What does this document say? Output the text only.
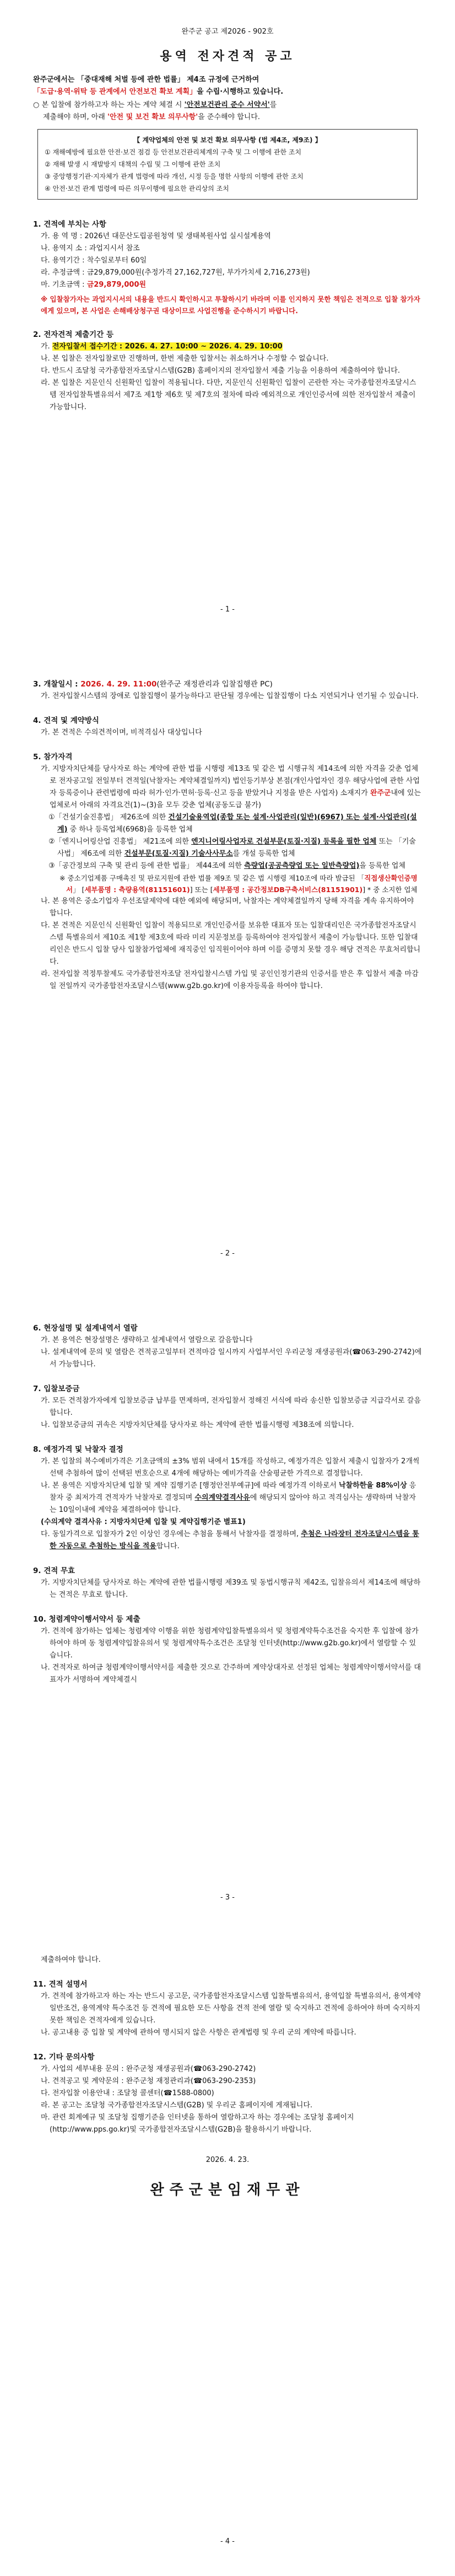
완주군 공고 제2026 - 902호
용역 전자견적 공고
완주군에서는 「중대재해 처벌 등에 관한 법률」 제4조 규정에 근거하여
「도급·용역·위탁 등 관계에서 안전보건 확보 계획」을 수립·시행하고 있습니다.
○ 본 입찰에 참가하고자 하는 자는 계약 체결 시 '안전보건관리 준수 서약서'를
제출해야 하며, 아래 '안전 및 보건 확보 의무사항'을 준수해야 합니다.
【 계약업체의 안전 및 보건 확보 의무사항 (법 제4조, 제9조) 】
① 재해예방에 필요한 안전·보건 점검 등 안전보건관리체계의 구축 및 그 이행에 관한 조치
② 재해 발생 시 재발방지 대책의 수립 및 그 이행에 관한 조치
③ 중앙행정기관·지자체가 관계 법령에 따라 개선, 시정 등을 명한 사항의 이행에 관한 조치
④ 안전·보건 관계 법령에 따른 의무이행에 필요한 관리상의 조치
1. 견적에 부치는 사항
가. 용 역 명 : 2026년 대문산도립공원청역 및 생태복원사업 실시설계용역
나. 용역지 소 : 과업지시서 참조
다. 용역기간 : 착수일로부터 60일
라. 추정금액 : 금29,879,000원(추정가격 27,162,727원, 부가가치세 2,716,273원)
마. 기초금액 : 금29,879,000원
※ 입찰참가자는 과업지시서의 내용을 반드시 확인하시고 투찰하시기 바라며 이를 인지하지 못한 책임은 전적으로 입찰 참가자에게 있으며, 본 사업은 손해배상청구권 대상이므로 사업진행을 준수하시기 바랍니다.
2. 전자견적 제출기간 등
가. 전자입찰서 접수기간 : 2026. 4. 27. 10:00 ~ 2026. 4. 29. 10:00
나. 본 입찰은 전자입찰로만 진행하며, 한번 제출한 입찰서는 취소하거나 수정할 수 없습니다.
다. 반드시 조달청 국가종합전자조달시스템(G2B) 홈페이지의 전자입찰서 제출 기능을 이용하여 제출하여야 합니다.
라. 본 입찰은 지문인식 신원확인 입찰이 적용됩니다. 다만, 지문인식 신원확인 입찰이 곤란한 자는 국가종합전자조달시스템 전자입찰특별유의서 제7조 제1항 제6호 및 제7호의 절차에 따라 예외적으로 개인인증서에 의한 전자입찰서 제출이 가능합니다.
- 1 -
3. 개찰일시 : 2026. 4. 29. 11:00(완주군 재정관리과 입찰집행관 PC)
가. 전자입찰시스템의 장애로 입찰집행이 불가능하다고 판단될 경우에는 입찰집행이 다소 지연되거나 연기될 수 있습니다.
4. 견적 및 계약방식
가. 본 견적은 수의견적이며, 비적격심사 대상입니다
5. 참가자격
가. 지방자치단체를 당사자로 하는 계약에 관한 법률 시행령 제13조 및 같은 법 시행규칙 제14조에 의한 자격을 갖춘 업체로 전자공고일 전일부터 견적일(낙찰자는 계약체결일까지) 법인등기부상 본점(개인사업자인 경우 해당사업에 관한 사업자 등록증이나 관련법령에 따라 허가·인가·면허·등록·신고 등을 받았거나 지정을 받은 사업자) 소재지가 완주군내에 있는 업체로서 아래의 자격요건(1)~(3)을 모두 갖춘 업체(공동도급 불가)
①「건설기술진흥법」 제26조에 의한 건설기술용역업(종합 또는 설계·사업관리(일반)(6967) 또는 설계·사업관리(설계) 중 하나 등록업체(6968)을 등록한 업체
②「엔지니어링산업 진흥법」 제21조에 의한 엔지니어링사업자로 건설부문(토질·지질) 등록을 필한 업체 또는 「기술사법」 제6조에 의한 건설부문(토질·지질) 기술사사무소를 개설 등록한 업체
③「공간정보의 구축 및 관리 등에 관한 법률」 제44조에 의한 측량업(공공측량업 또는 일반측량업)을 등록한 업체
※ 중소기업제품 구매촉진 및 판로지원에 관한 법률 제9조 및 같은 법 시행령 제10조에 따라 발급된 「직접생산확인증명서」 [세부품명 : 측량용역(81151601)] 또는 [세부품명 : 공간정보DB구축서비스(81151901)] * 중 소지한 업체
나. 본 용역은 중소기업자 우선조달제약에 대한 예외에 해당되며, 낙찰자는 계약체결일까지 당해 자격을 계속 유지하여야 합니다.
다. 본 견적은 지문인식 신원확인 입찰이 적용되므로 개인인증서를 보유한 대표자 또는 입찰대리인은 국가종합전자조달시스템 특별유의서 제10조 제1항 제3호에 따라 미리 지문정보를 등록하여야 전자입찰서 제출이 가능합니다. 또한 입찰대리인은 반드시 입찰 당사 입찰참가업체에 재직중인 임직원이어야 하며 이를 증명치 못할 경우 해당 견적은 무효처리합니다.
라. 전자입찰 적정투찰제도 국가종합전자조달 전자입찰시스템 가입 및 공인인정기관의 인증서를 받은 후 입찰서 제출 마감일 전일까지 국가종합전자조달시스템(www.g2b.go.kr)에 이용자등록을 하여야 합니다.
- 2 -
6. 현장설명 및 설계내역서 열람
가. 본 용역은 현장설명은 생략하고 설계내역서 열람으로 갈음합니다
나. 설계내역에 문의 및 열람은 견적공고일부터 견적마감 일시까지 사업부서인 우리군청 재생공원과(☎063-290-2742)에서 가능합니다.
7. 입찰보증금
가. 모든 견적참가자에게 입찰보증금 납부를 면제하며, 전자입찰서 정해진 서식에 따라 송신한 입찰보증금 지급각서로 갈음합니다.
나. 입찰보증금의 귀속은 지방자치단체를 당사자로 하는 계약에 관한 법률시행령 제38조에 의합니다.
8. 예정가격 및 낙찰자 결정
가. 본 입찰의 복수예비가격은 기초금액의 ±3% 범위 내에서 15개를 작성하고, 예정가격은 입찰서 제출시 입찰자가 2개씩 선택 추첨하여 많이 선택된 번호순으로 4개에 해당하는 예비가격을 산술평균한 가격으로 결정합니다.
나. 본 용역은 지방자치단체 입찰 및 계약 집행기준 [행정안전부예규]에 따라 예정가격 이하로서 낙찰하한율 88%이상 응찰자 중 최저가격 견적자가 낙찰자로 결정되며 수의계약결격사유에 해당되지 않아야 하고 적격심사는 생략하며 낙찰자는 10일이내에 계약을 체결하여야 합니다.
(수의계약 결격사유 : 지방자치단체 입찰 및 계약집행기준 별표1)
다. 동일가격으로 입찰자가 2인 이상인 경우에는 추첨을 통해서 낙찰자를 결정하며, 추첨은 나라장터 전자조달시스템을 통한 자동으로 추첨하는 방식을 적용합니다.
9. 견적 무효
가. 지방자치단체를 당사자로 하는 계약에 관한 법률시행령 제39조 및 동법시행규칙 제42조, 입찰유의서 제14조에 해당하는 견적은 무효로 합니다.
10. 청렴계약이행서약서 등 제출
가. 견적에 참가하는 업체는 청렴계약 이행을 위한 청렴계약입찰특별유의서 및 청렴계약특수조건을 숙지한 후 입찰에 참가하여야 하며 동 청렴계약입찰유의서 및 청렴계약특수조건은 조달청 인터넷(http://www.g2b.go.kr)에서 열람할 수 있습니다.
나. 견적자로 하여금 청렴계약이행서약서를 제출한 것으로 간주하며 계약상대자로 선정된 업체는 청렴계약이행서약서를 대표자가 서명하여 계약체결시
- 3 -
제출하여야 합니다.
11. 견적 설명서
가. 견적에 참가하고자 하는 자는 반드시 공고문, 국가종합전자조달시스템 입찰특별유의서, 용역입찰 특별유의서, 용역계약 일반조건, 용역계약 특수조건 등 견적에 필요한 모든 사항을 견적 전에 열람 및 숙지하고 견적에 응하여야 하며 숙지하지 못한 책임은 견적자에게 있습니다.
나. 공고내용 중 입찰 및 계약에 관하여 명시되지 않은 사항은 관계법령 및 우리 군의 계약에 따릅니다.
12. 기타 문의사항
가. 사업의 세부내용 문의 : 완주군청 재생공원과(☎063-290-2742)
나. 견적공고 및 계약문의 : 완주군청 재정관리과(☎063-290-2353)
다. 전자입찰 이용안내 : 조달청 콜센터(☎1588-0800)
라. 본 공고는 조달청 국가종합전자조달시스템(G2B) 및 우리군 홈페이지에 게재됩니다.
마. 관련 회계예규 및 조달청 집행기준을 인터넷을 통하여 열람하고자 하는 경우에는 조달청 홈페이지(http://www.pps.go.kr)및 국가종합전자조달시스템(G2B)을 활용하시기 바랍니다.
2026. 4. 23.
완주군분임재무관
- 4 -
